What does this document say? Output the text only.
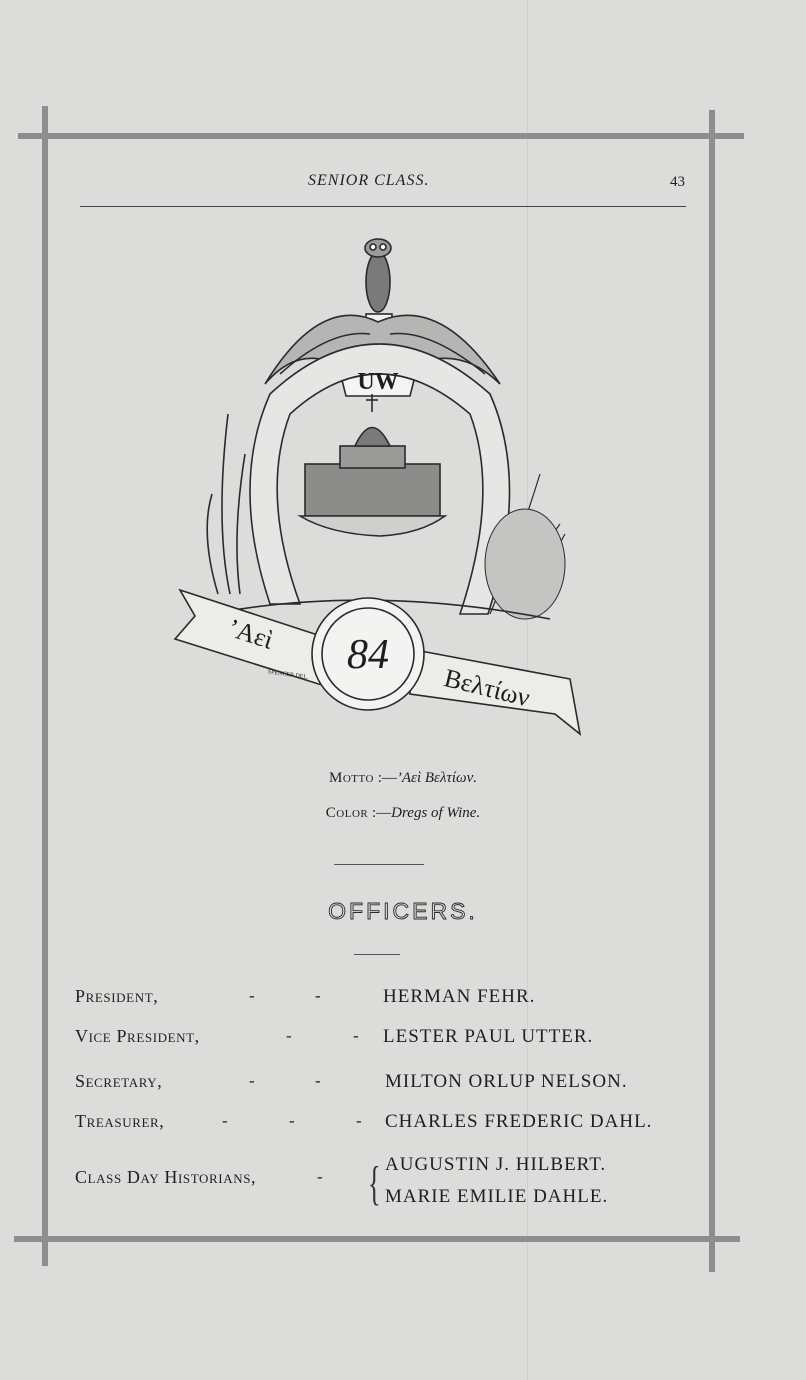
SENIOR CLASS.	43
UW
’Αεὶ
Βελτίων
84
SPENCER DEL.
Motto :—’Αεὶ Βελτίων.
Color :—Dregs of Wine.
OFFICERS.
President,	-	-	HERMAN FEHR.
Vice President,	-	- LESTER PAUL UTTER.
Secretary,	-	-	MILTON ORLUP NELSON.
Treasurer,	-	-	- CHARLES FREDERIC DAHL.
Class Day Historians,	- { AUGUSTIN J. HILBERT.
MARIE EMILIE DAHLE.
